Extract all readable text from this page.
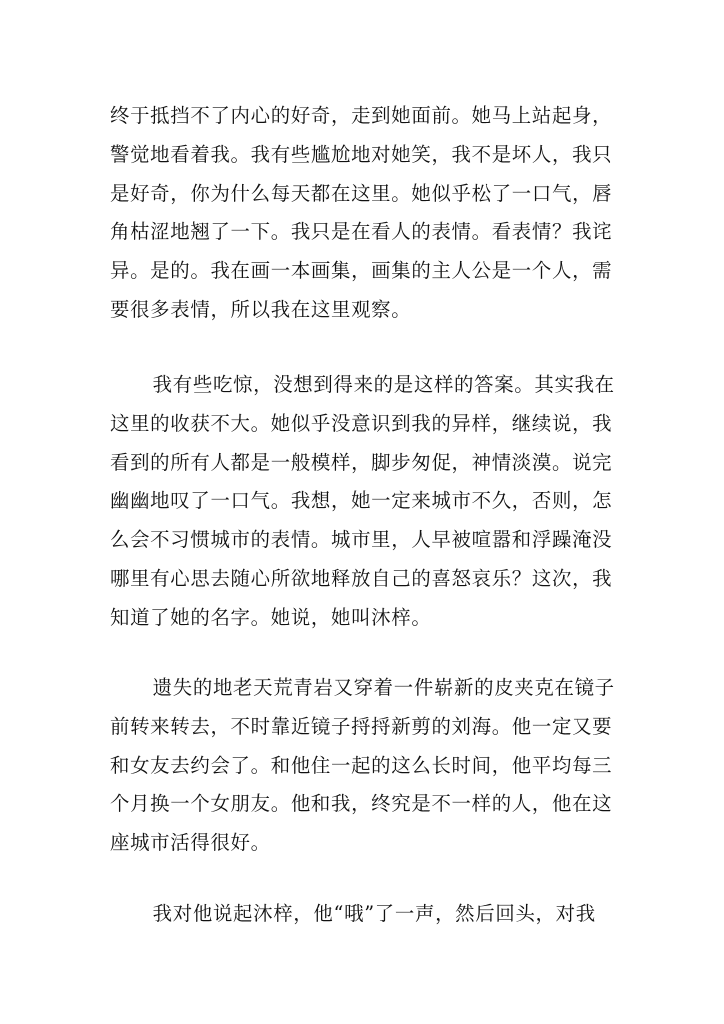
终于抵挡不了内心的好奇，走到她面前。她马上站起身，
警觉地看着我。我有些尴尬地对她笑，我不是坏人，我只
是好奇，你为什么每天都在这里。她似乎松了一口气，唇
角枯涩地翘了一下。我只是在看人的表情。看表情？我诧
异。是的。我在画一本画集，画集的主人公是一个人，需
要很多表情，所以我在这里观察。

我有些吃惊，没想到得来的是这样的答案。其实我在
这里的收获不大。她似乎没意识到我的异样，继续说，我
看到的所有人都是一般模样，脚步匆促，神情淡漠。说完
幽幽地叹了一口气。我想，她一定来城市不久，否则，怎
么会不习惯城市的表情。城市里，人早被喧嚣和浮躁淹没
哪里有心思去随心所欲地释放自己的喜怒哀乐？这次，我
知道了她的名字。她说，她叫沐梓。

遗失的地老天荒青岩又穿着一件崭新的皮夹克在镜子
前转来转去，不时靠近镜子捋捋新剪的刘海。他一定又要
和女友去约会了。和他住一起的这么长时间，他平均每三
个月换一个女朋友。他和我，终究是不一样的人，他在这
座城市活得很好。

我对他说起沐梓，他“哦”了一声，然后回头，对我
